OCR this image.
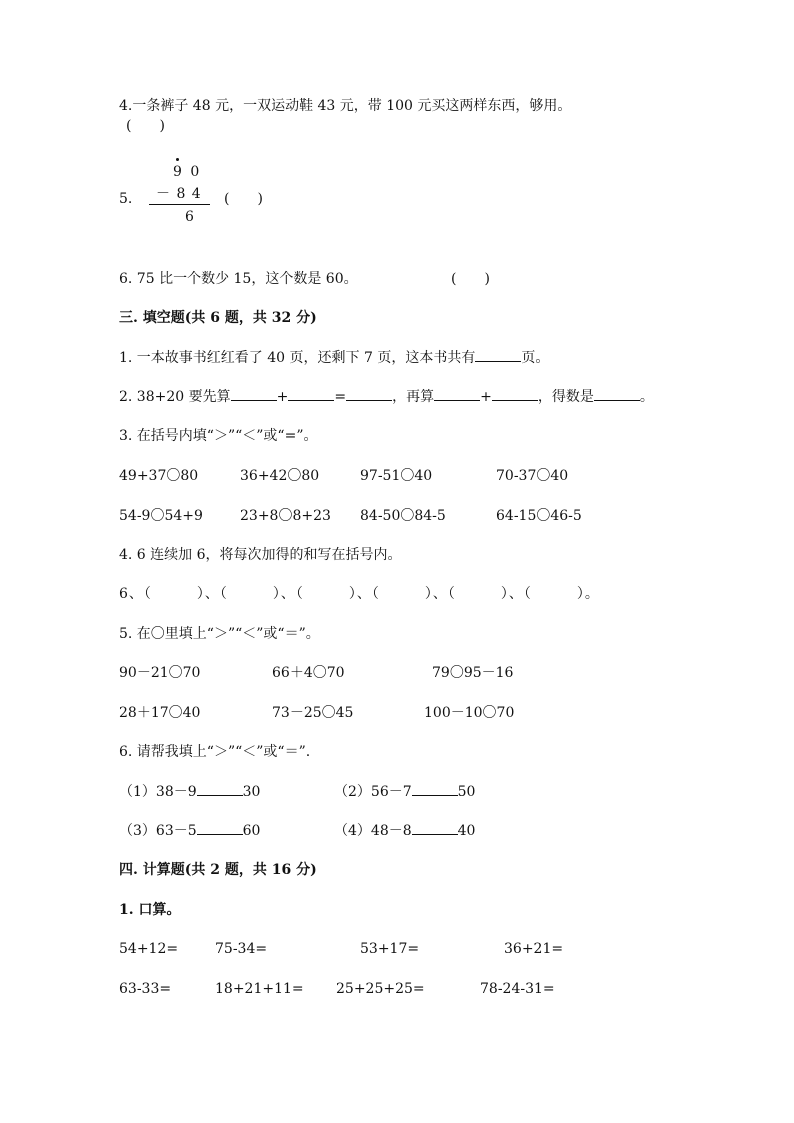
4.一条裤子 48 元，一双运动鞋 43 元，带 100 元买这两样东西，够用。
(　　)
9 0
5. － 8 4
6
(　　)
6. 75 比一个数少 15，这个数是 60。	(　　)
三. 填空题(共 6 题，共 32 分)
1. 一本故事书红红看了 40 页，还剩下 7 页，这本书共有	页。
2. 38+20 要先算	+	=	，再算	+	，得数是	。
3. 在括号内填“＞”“＜”或“=”。
49+37〇80	36+42〇80	97-51〇40	70-37〇40
54-9〇54+9	23+8〇8+23 84-50〇84-5	64-15〇46-5
4. 6 连续加 6，将每次加得的和写在括号内。
6、（　　　）、（　　　）、（　　　）、（　　　）、（　　　）、（　　　）。
5. 在〇里填上“＞”“＜”或“＝”。
90－21〇70	66＋4〇70	79〇95－16
28＋17〇40	73－25〇45	100－10〇70
6. 请帮我填上“＞”“＜”或“＝”.
（1）38－9	30	（2）56－7	50
（3）63－5	60	（4）48－8	40
四. 计算题(共 2 题，共 16 分)
1. 口算。
54+12=	75-34=	53+17=	36+21=
63-33=	18+21+11= 25+25+25=	78-24-31=
